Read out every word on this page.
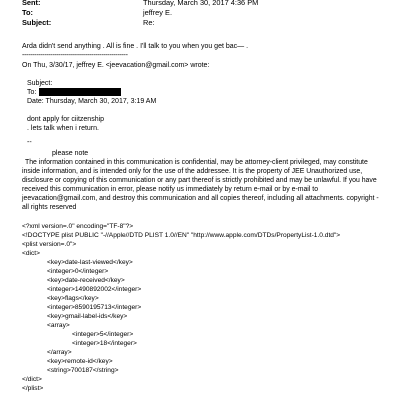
Sent:	Thursday, March 30, 2017 4:36 PM
To:	jeffrey E.
Subject:	Re:
Arda didn't send anything . All is fine . I'll talk to you when you get bac— .
----------------------------------------------------
On Thu, 3/30/17, jeffrey E. <jeevacation@gmail.com> wrote:
Subject:
To:
Date: Thursday, March 30, 2017, 3:19 AM
dont apply for ciitzenship
. lets talk when i return.
--
please note
The information contained in this communication is confidential, may be attorney-client privileged, may constitute
inside information, and is intended only for the use of the addressee. It is the property of JEE Unauthorized use,
disclosure or copying of this communication or any part thereof is strictly prohibited and may be unlawful. If you have
received this communication in error, please notify us immediately by return e-mail or by e-mail to
jeevacation@gmail.com, and destroy this communication and all copies thereof, including all attachments. copyright -
all rights reserved
<?xml version=.0" encoding="TF-8"?>
<!DOCTYPE plist PUBLIC "-//Apple//DTD PLIST 1.0//EN" "http://www.apple.com/DTDs/PropertyList-1.0.dtd">
<plist version=.0">
<dict>
<key>date-last-viewed</key>
<integer>0</integer>
<key>date-received</key>
<integer>1490892002</integer>
<key>flags</key>
<integer>8590195713</integer>
<key>gmail-label-ids</key>
<array>
<integer>5</integer>
<integer>18</integer>
</array>
<key>remote-id</key>
<string>700187</string>
</dict>
</plist>
